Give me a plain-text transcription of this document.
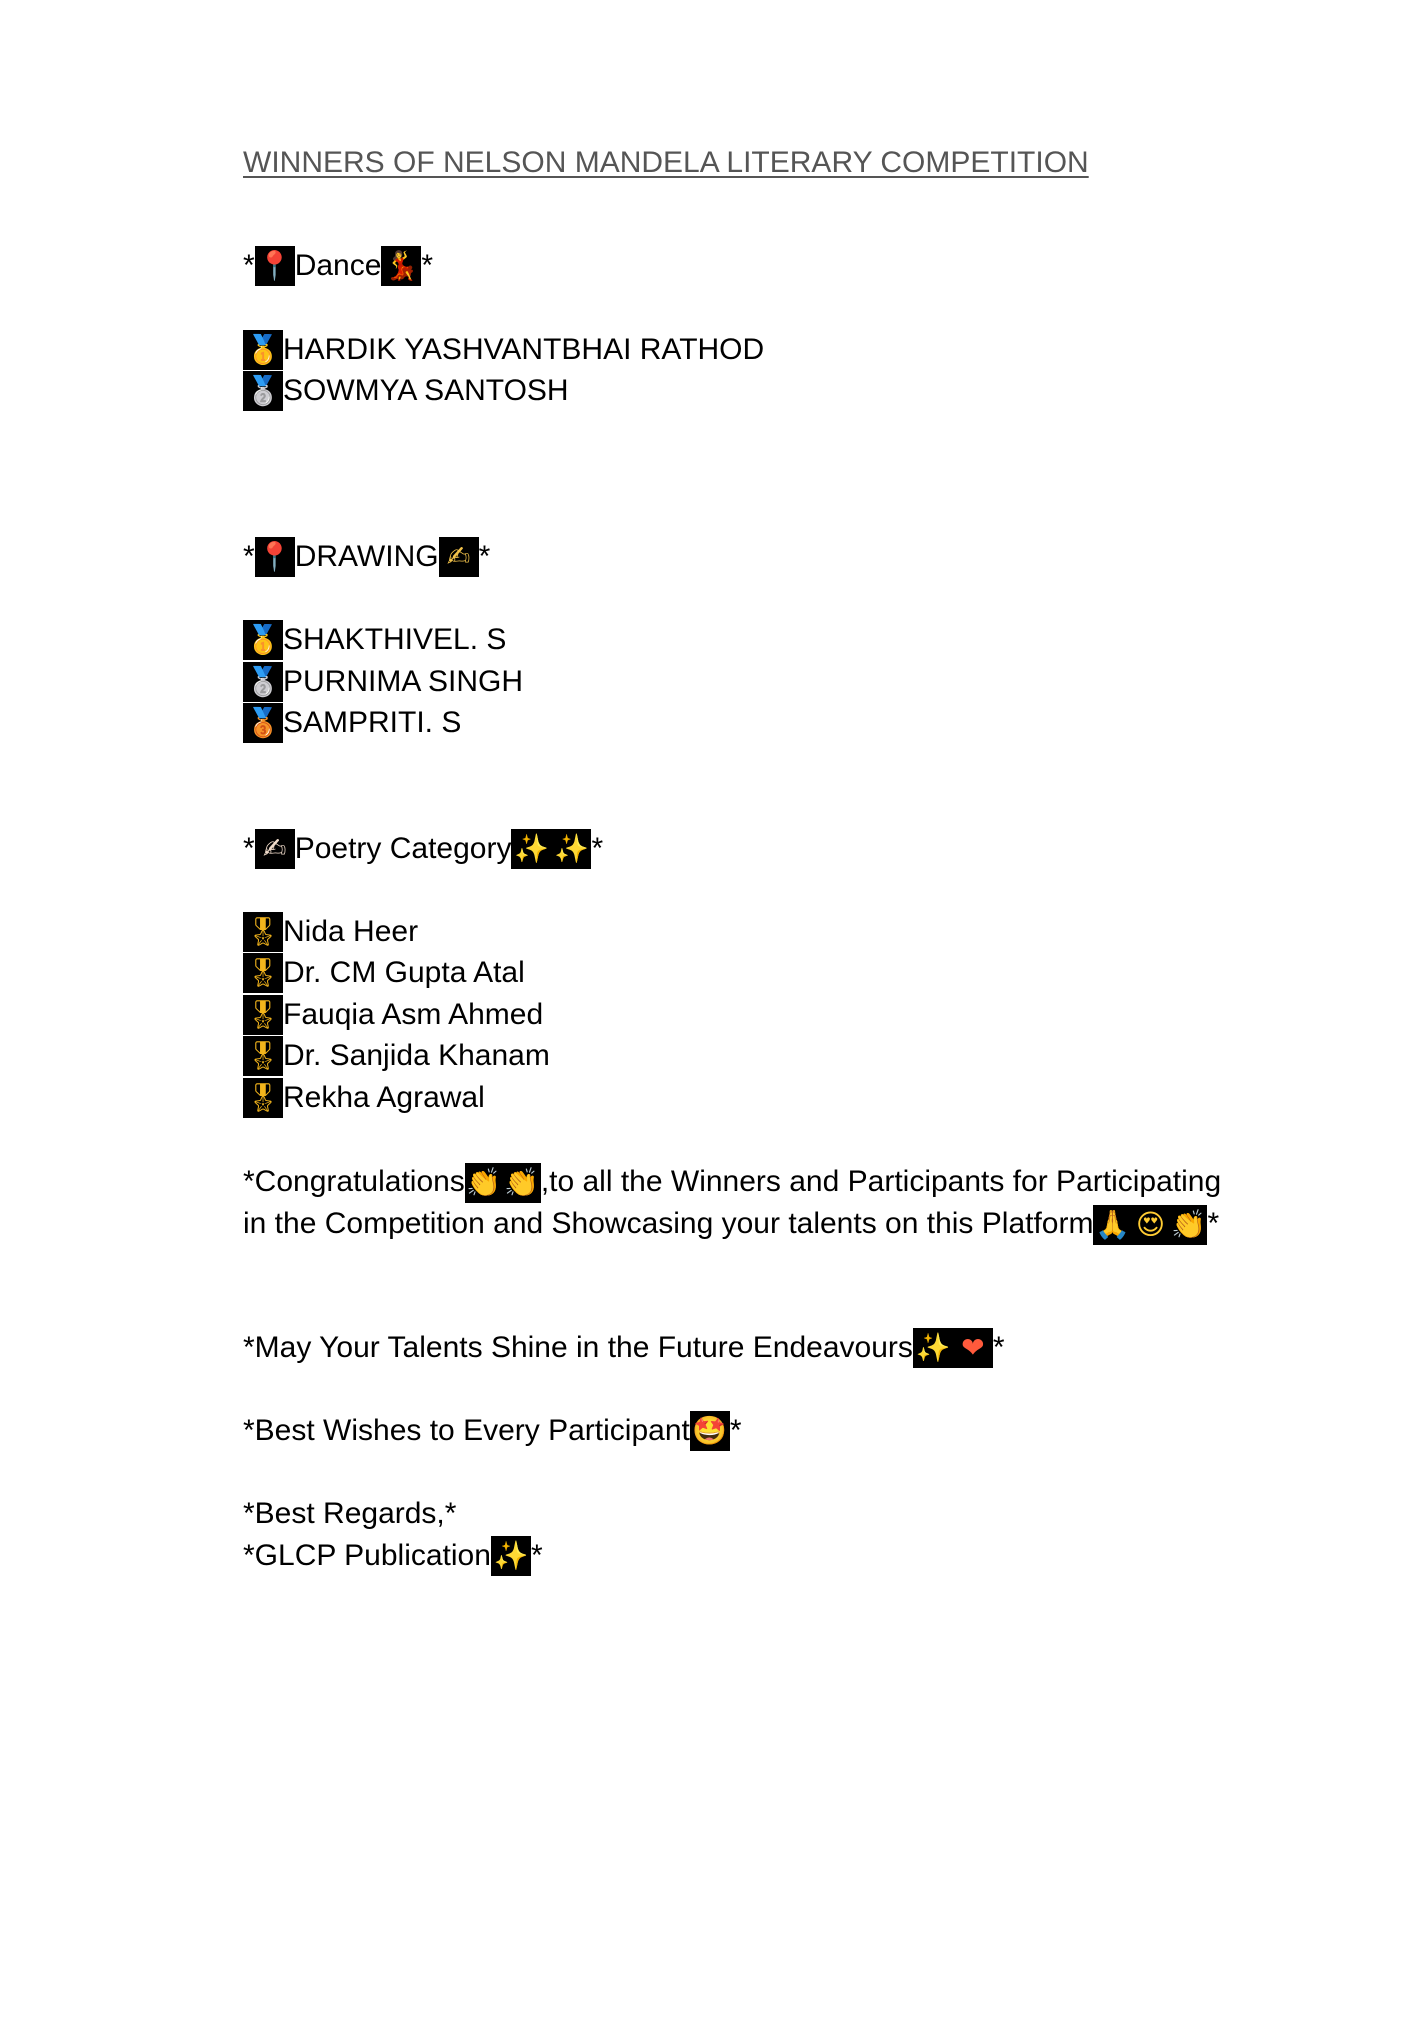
WINNERS OF NELSON MANDELA LITERARY COMPETITION
* 📍 Dance 💃 *
🥇 HARDIK YASHVANTBHAI RATHOD
🥈 SOWMYA SANTOSH
* 📍 DRAWING ✍ *
🥇 SHAKTHIVEL. S
🥈 PURNIMA SINGH
🥉 SAMPRITI. S
* ✍ Poetry Category ✨ ✨ *
🎖 Nida Heer
🎖 Dr. CM Gupta Atal
🎖 Fauqia Asm Ahmed
🎖 Dr. Sanjida Khanam
🎖 Rekha Agrawal
*Congratulations👏 👏,to all the Winners and Participants for Participating in the Competition and Showcasing your talents on this Platform🙏 😍 👏*
*May Your Talents Shine in the Future Endeavours ✨ ❤ *
*Best Wishes to Every Participant 🤩 *
*Best Regards,*
*GLCP Publication ✨ *
